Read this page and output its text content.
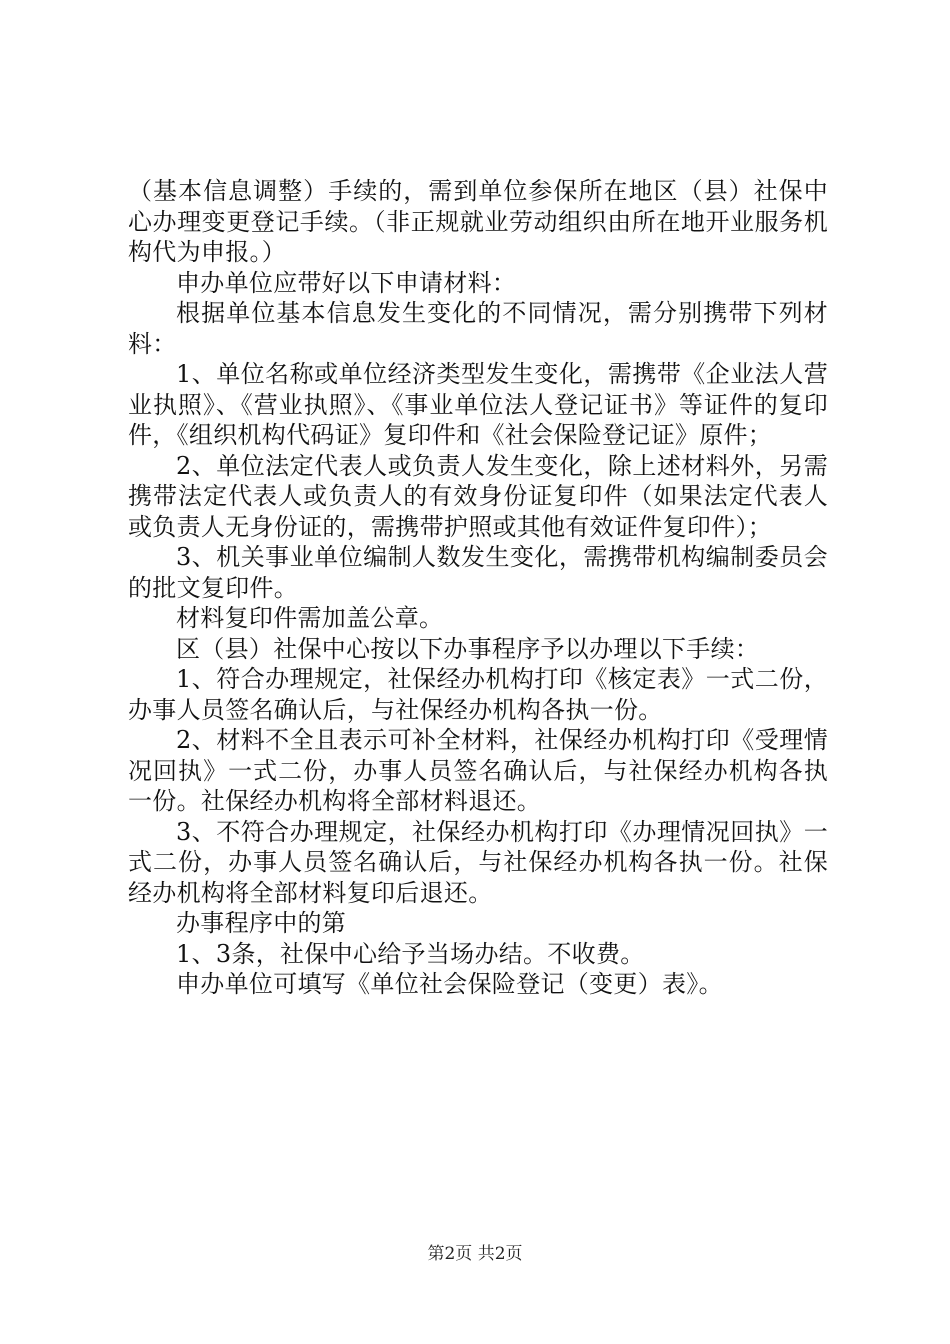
（基本信息调整）手续的，需到单位参保所在地区（县）社保中心办理变更登记手续。（非正规就业劳动组织由所在地开业服务机构代为申报。）

申办单位应带好以下申请材料：

根据单位基本信息发生变化的不同情况，需分别携带下列材料：

1、单位名称或单位经济类型发生变化，需携带《企业法人营业执照》、《营业执照》、《事业单位法人登记证书》等证件的复印件，《组织机构代码证》复印件和《社会保险登记证》原件；

2、单位法定代表人或负责人发生变化，除上述材料外，另需携带法定代表人或负责人的有效身份证复印件（如果法定代表人或负责人无身份证的，需携带护照或其他有效证件复印件）；

3、机关事业单位编制人数发生变化，需携带机构编制委员会的批文复印件。

材料复印件需加盖公章。

区（县）社保中心按以下办事程序予以办理以下手续：

1、符合办理规定，社保经办机构打印《核定表》一式二份，办事人员签名确认后，与社保经办机构各执一份。

2、材料不全且表示可补全材料，社保经办机构打印《受理情况回执》一式二份，办事人员签名确认后，与社保经办机构各执一份。社保经办机构将全部材料退还。

3、不符合办理规定，社保经办机构打印《办理情况回执》一式二份，办事人员签名确认后，与社保经办机构各执一份。社保经办机构将全部材料复印后退还。

办事程序中的第

1、3条，社保中心给予当场办结。不收费。

申办单位可填写《单位社会保险登记（变更）表》。

第2页 共2页
